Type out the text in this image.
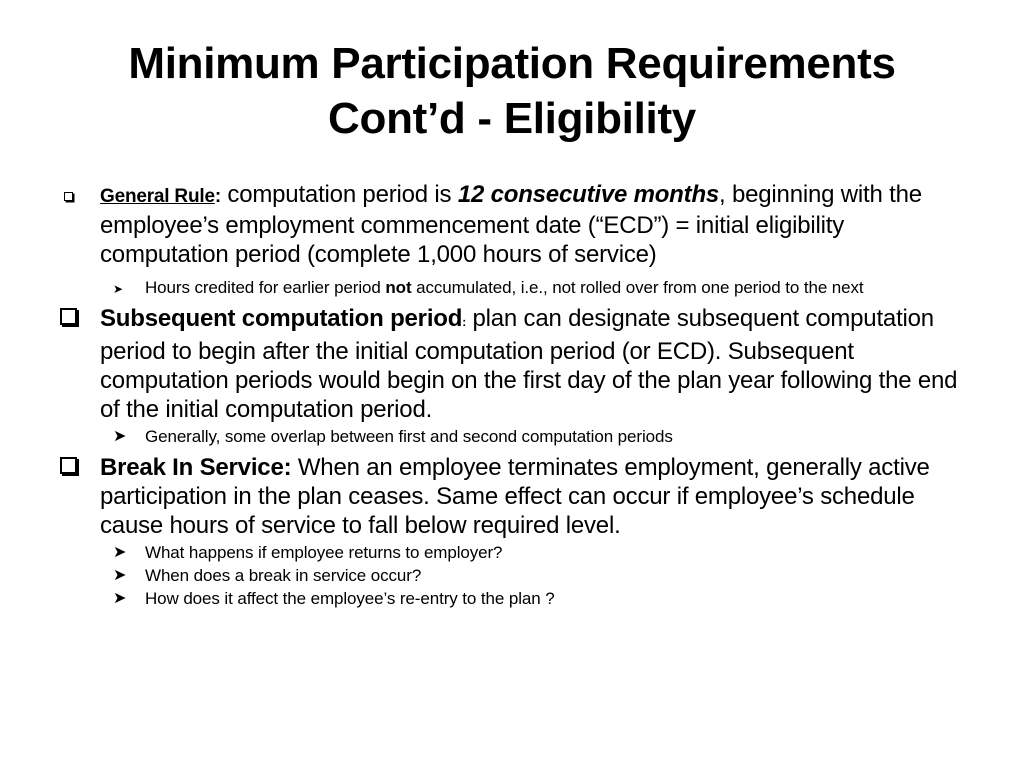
Minimum Participation Requirements
Cont’d - Eligibility
General Rule: computation period is 12 consecutive months, beginning with the employee’s employment commencement date (“ECD”) = initial eligibility computation period (complete 1,000 hours of service)
➤ Hours credited for earlier period not accumulated, i.e., not rolled over from one period to the next
Subsequent computation period: plan can designate subsequent computation period to begin after the initial computation period (or ECD). Subsequent computation periods would begin on the first day of the plan year following the end of the initial computation period.
➤ Generally, some overlap between first and second computation periods
Break In Service: When an employee terminates employment, generally active participation in the plan ceases. Same effect can occur if employee’s schedule cause hours of service to fall below required level.
➤ What happens if employee returns to employer?
➤ When does a break in service occur?
➤ How does it affect the employee’s re-entry to the plan ?
